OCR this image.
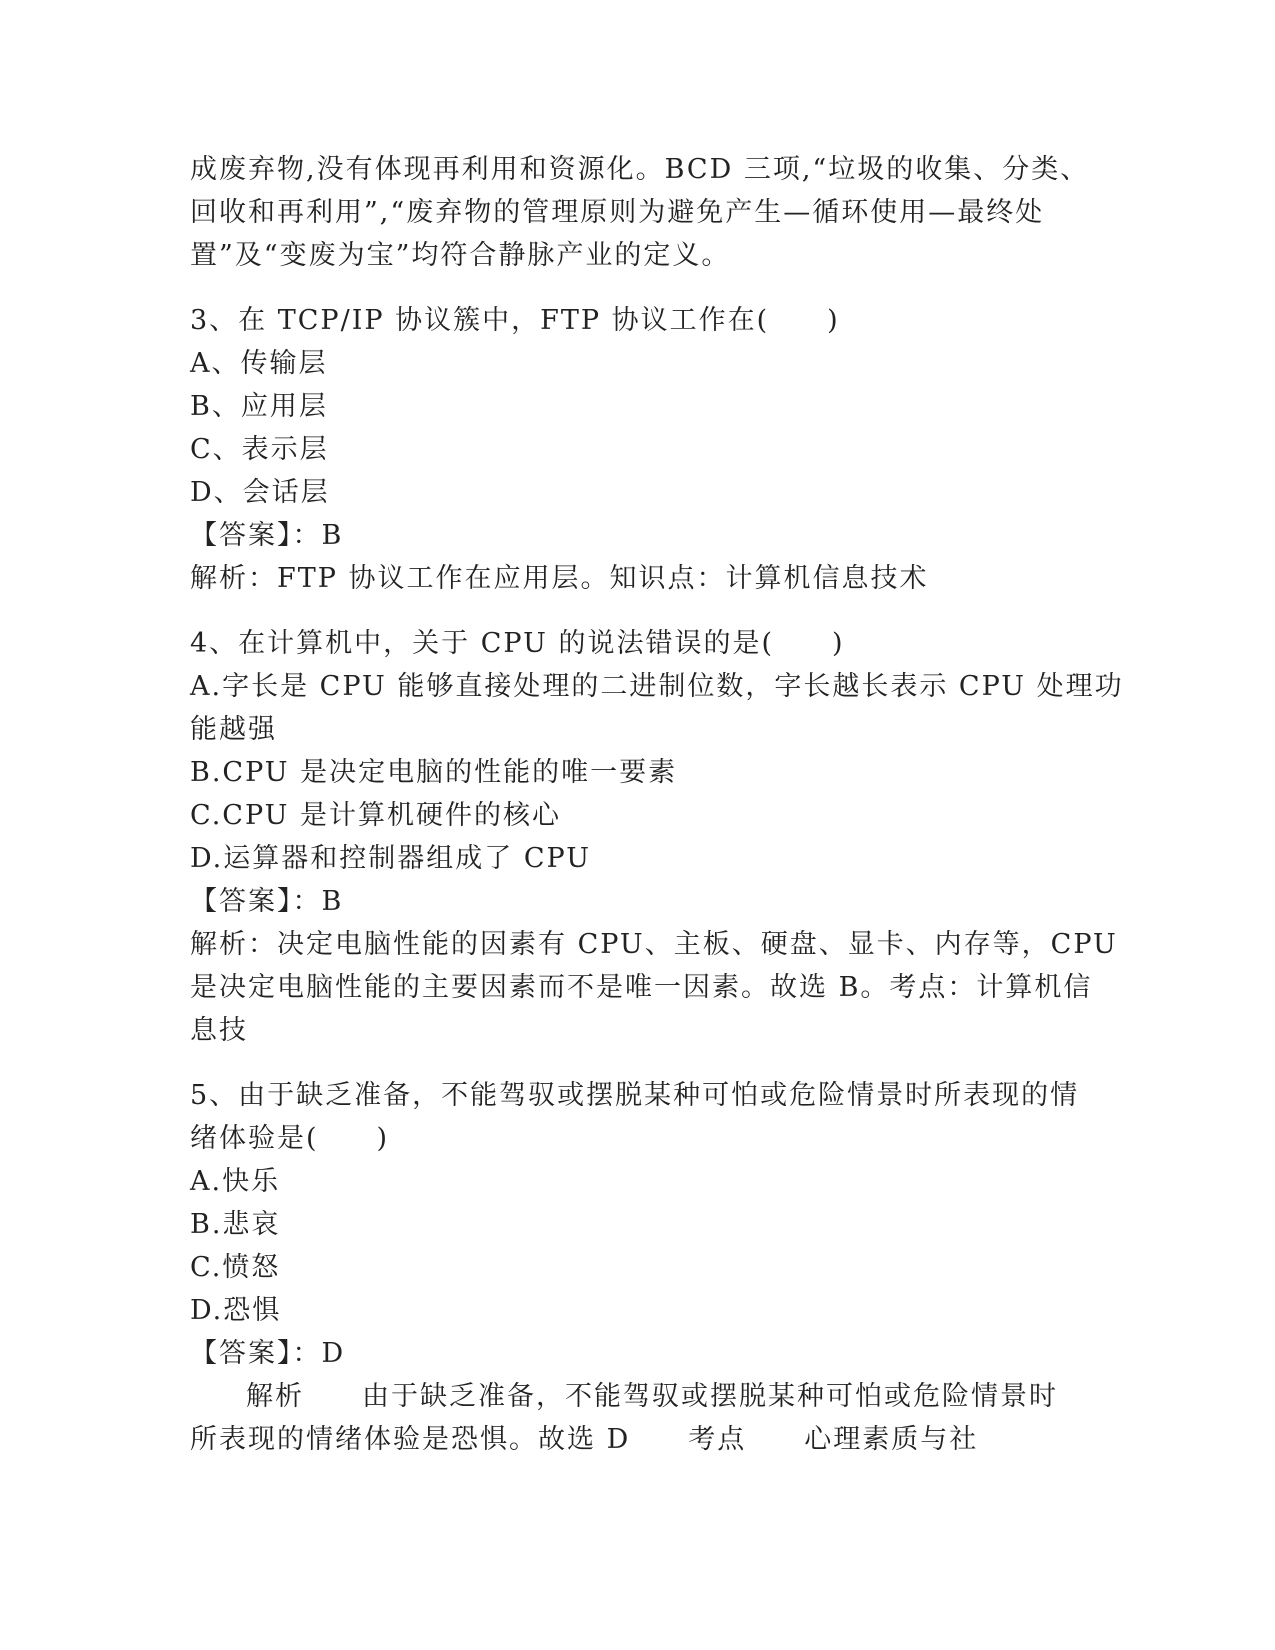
成废弃物,没有体现再利用和资源化。BCD 三项,“垃圾的收集、分类、
回收和再利用”,“废弃物的管理原则为避免产生—循环使用—最终处
置”及“变废为宝”均符合静脉产业的定义。
3、在 TCP/IP 协议簇中，FTP 协议工作在(　　)
A、传输层
B、应用层
C、表示层
D、会话层
【答案】：B
解析：FTP 协议工作在应用层。知识点：计算机信息技术
4、在计算机中，关于 CPU 的说法错误的是(　　)
A.字长是 CPU 能够直接处理的二进制位数，字长越长表示 CPU 处理功
能越强
B.CPU 是决定电脑的性能的唯一要素
C.CPU 是计算机硬件的核心
D.运算器和控制器组成了 CPU
【答案】：B
解析：决定电脑性能的因素有 CPU、主板、硬盘、显卡、内存等，CPU
是决定电脑性能的主要因素而不是唯一因素。故选 B。考点：计算机信
息技
5、由于缺乏准备，不能驾驭或摆脱某种可怕或危险情景时所表现的情
绪体验是(　　)
A.快乐
B.悲哀
C.愤怒
D.恐惧
【答案】：D
解析　　由于缺乏准备，不能驾驭或摆脱某种可怕或危险情景时
所表现的情绪体验是恐惧。故选 D　　考点　　心理素质与社
